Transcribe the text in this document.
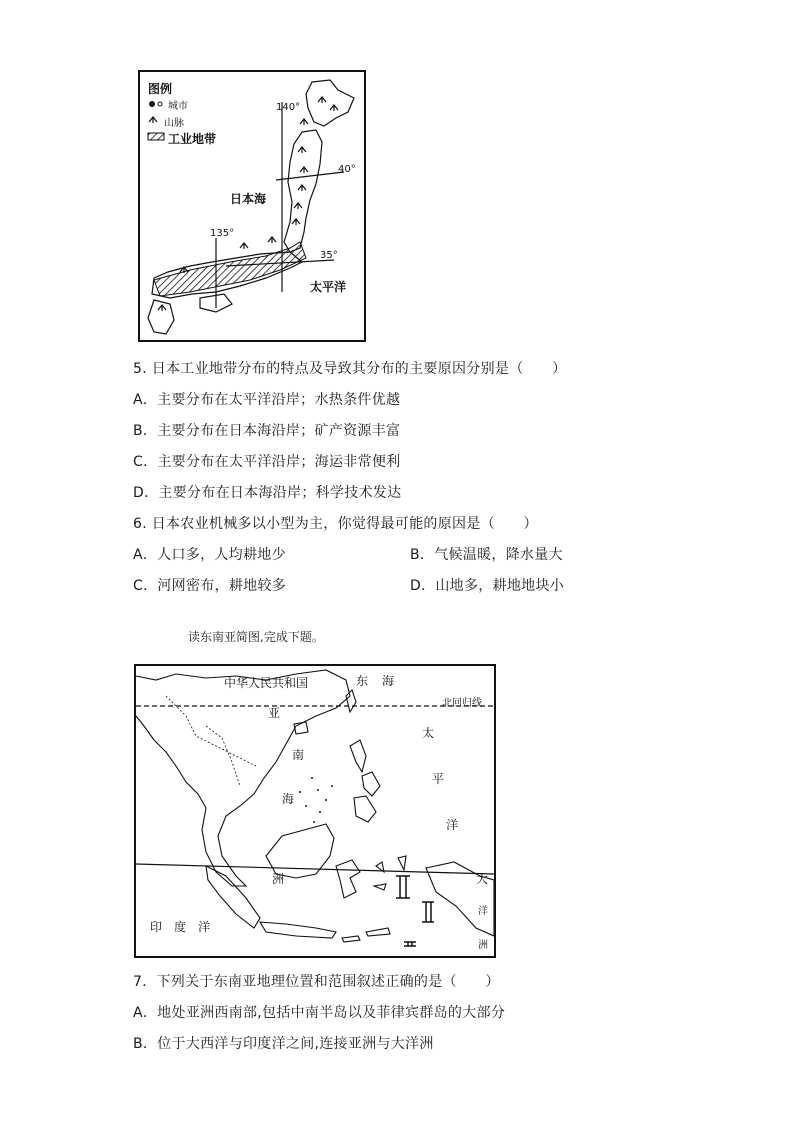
图例
城市
山脉
工业地带
140°
40°
135°
35°
日本海
太平洋
5. 日本工业地带分布的特点及导致其分布的主要原因分别是（　　）
A．主要分布在太平洋沿岸；水热条件优越
B．主要分布在日本海沿岸；矿产资源丰富
C．主要分布在太平洋沿岸；海运非常便利
D．主要分布在日本海沿岸；科学技术发达
6. 日本农业机械多以小型为主，你觉得最可能的原因是（　　）
A．人口多，人均耕地少	B．气候温暖，降水量大
C．河网密布，耕地较多	D．山地多，耕地地块小
读东南亚简图,完成下题。
中华人民共和国	东 海
北回归线
亚
南
海
太
平
洋
洲
印　度　洋
大
洋
洲
7．下列关于东南亚地理位置和范围叙述正确的是（　　）
A．地处亚洲西南部,包括中南半岛以及菲律宾群岛的大部分
B．位于大西洋与印度洋之间,连接亚洲与大洋洲
